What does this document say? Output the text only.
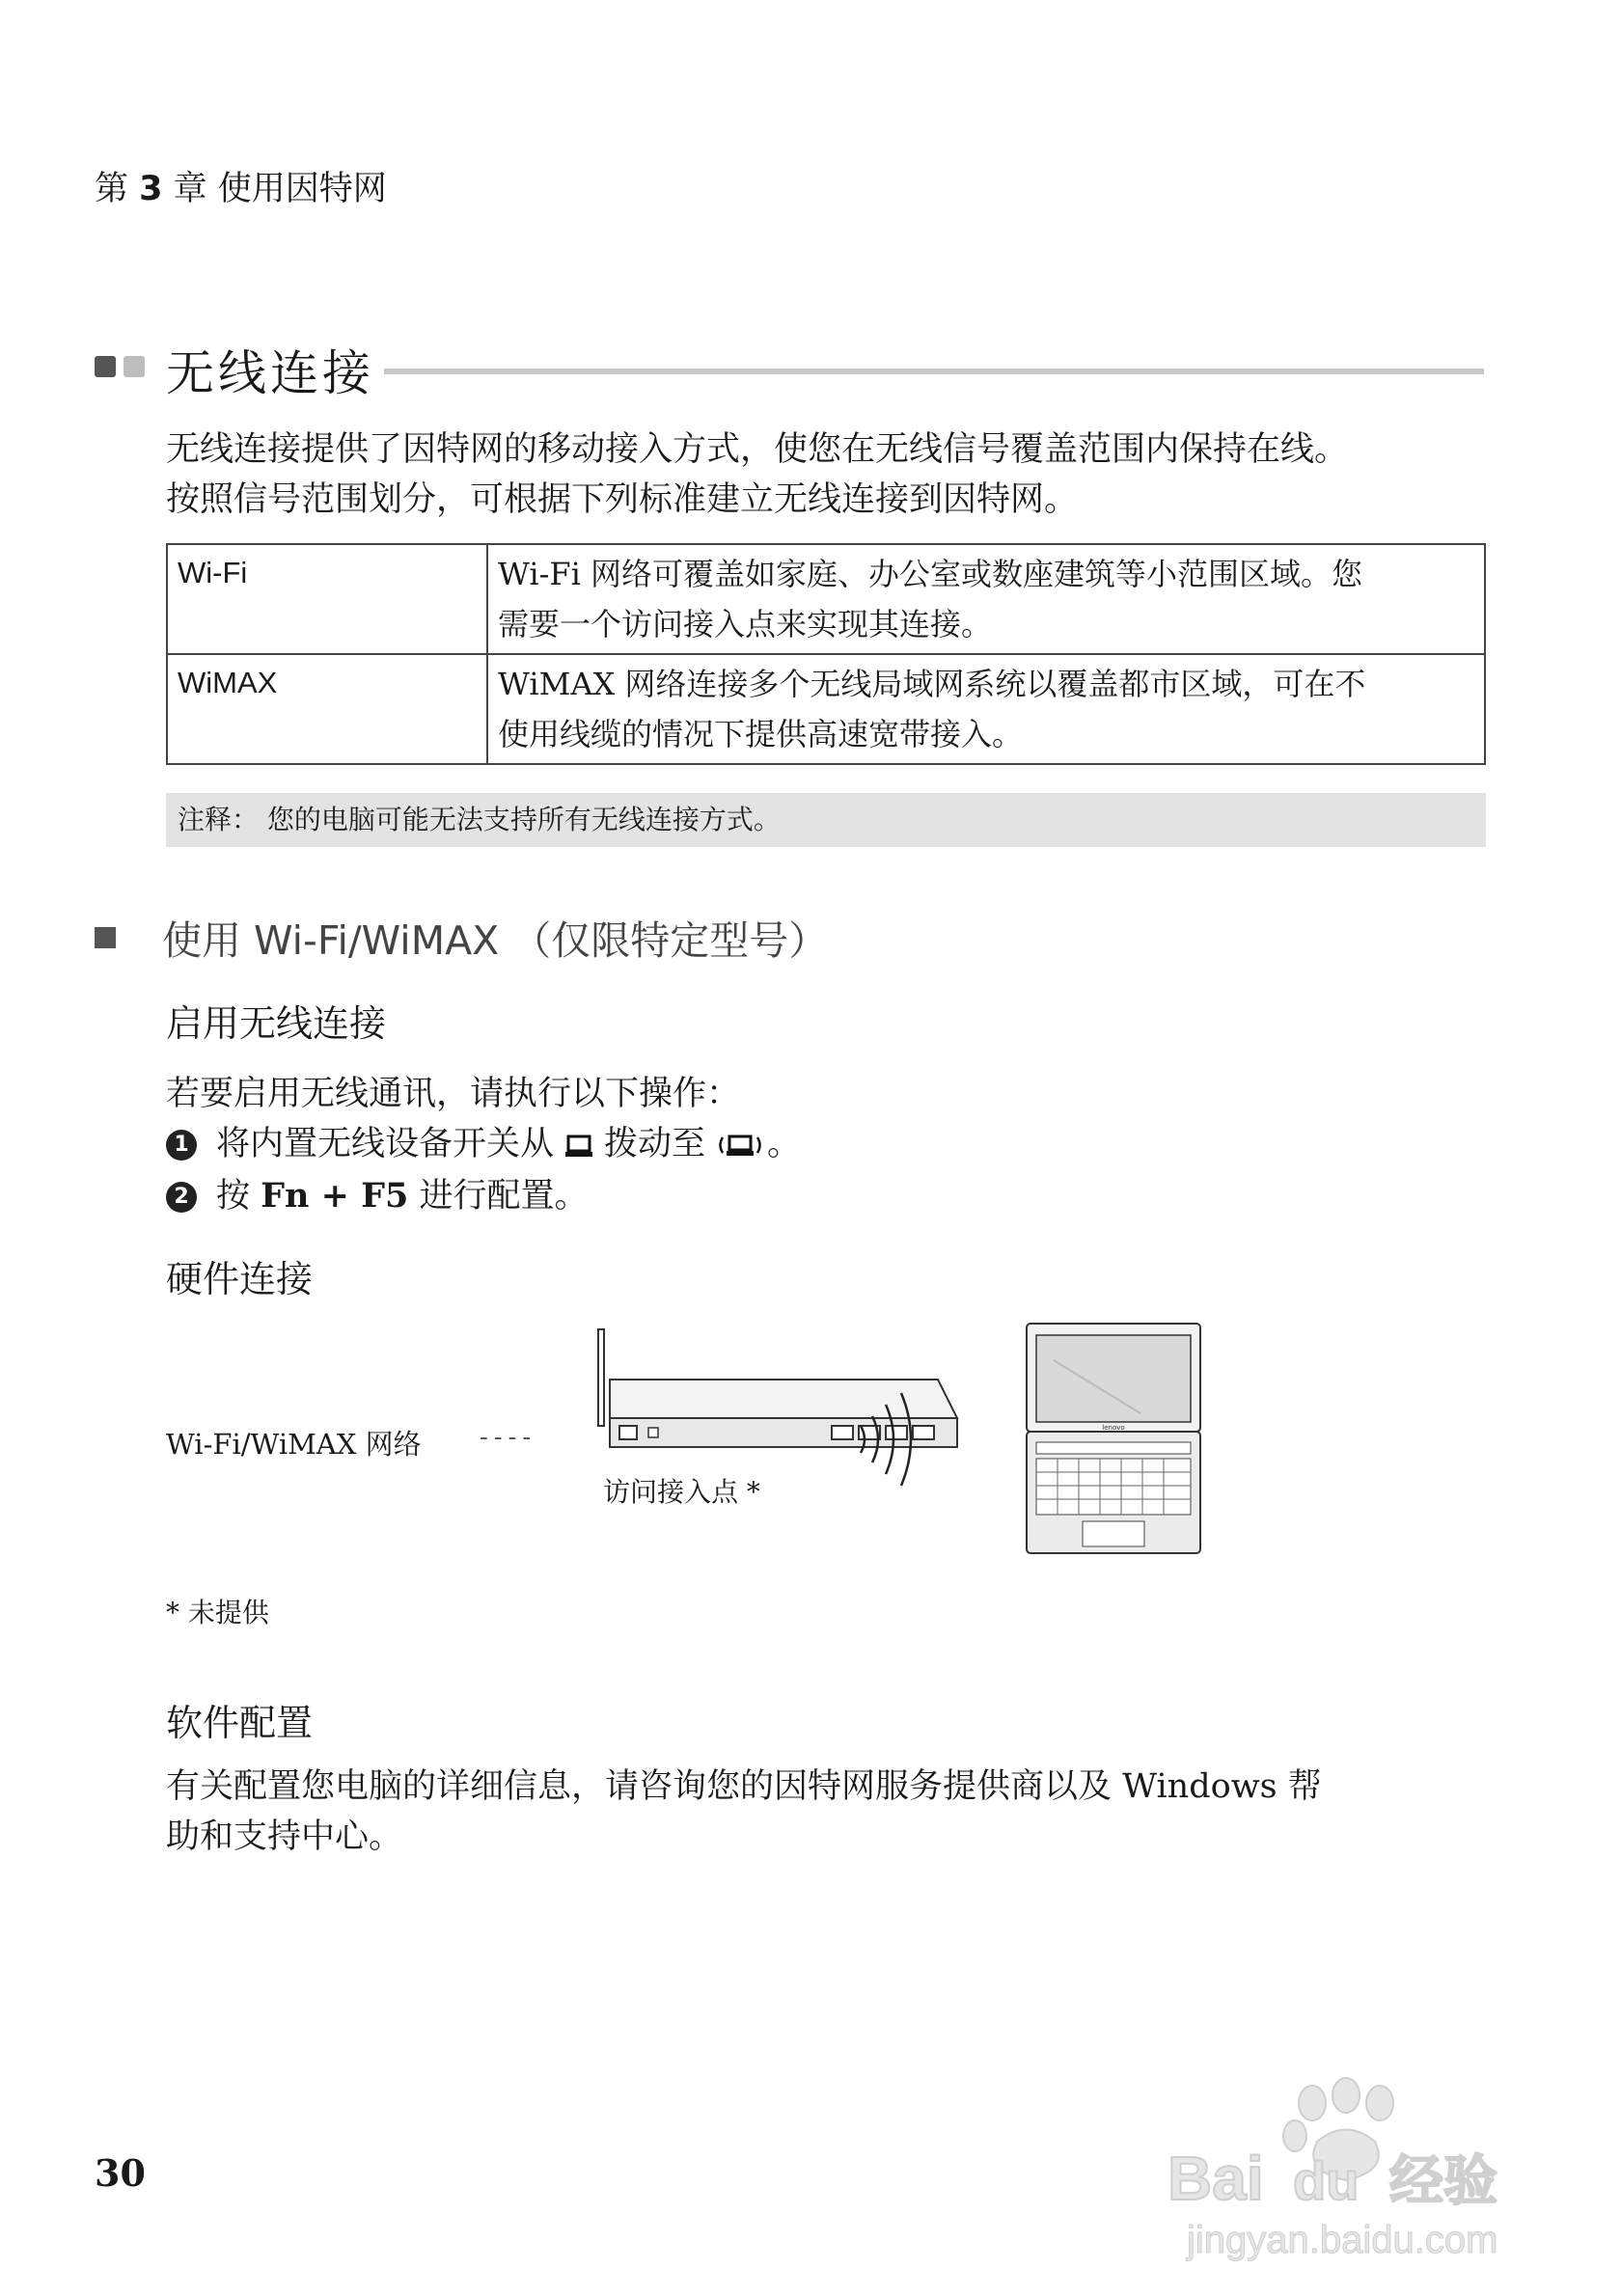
第 3 章 使用因特网
无线连接
无线连接提供了因特网的移动接入方式，使您在无线信号覆盖范围内保持在线。
按照信号范围划分，可根据下列标准建立无线连接到因特网。
Wi-Fi	Wi-Fi 网络可覆盖如家庭、办公室或数座建筑等小范围区域。您
需要一个访问接入点来实现其连接。

WiMAX	WiMAX 网络连接多个无线局域网系统以覆盖都市区域，可在不
使用线缆的情况下提供高速宽带接入。
注释： 您的电脑可能无法支持所有无线连接方式。
使用 Wi-Fi/WiMAX （仅限特定型号）
启用无线连接
若要启用无线通讯，请执行以下操作：
1 将内置无线设备开关从 拨动至 。
2 按 Fn + F5 进行配置。
硬件连接
Wi-Fi/WiMAX 网络 ----
访问接入点 *
lenovo
* 未提供
软件配置
有关配置您电脑的详细信息，请咨询您的因特网服务提供商以及 Windows 帮
助和支持中心。
30	Bai du 经验
jingyan.baidu.com
